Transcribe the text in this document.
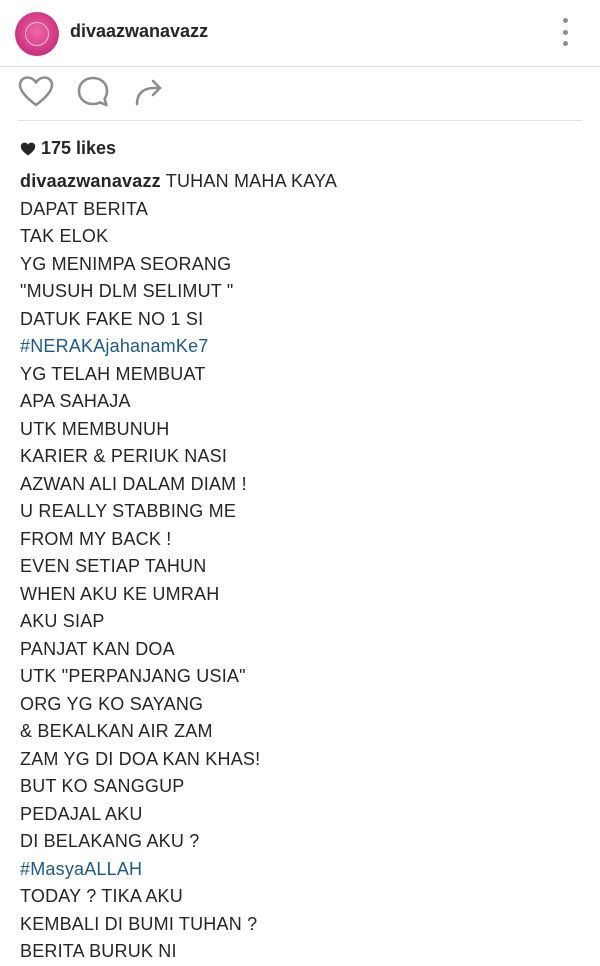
divaazwanavazz
175 likes
divaazwanavazz TUHAN MAHA KAYA
DAPAT BERITA
TAK ELOK
YG MENIMPA SEORANG
"MUSUH DLM SELIMUT "
DATUK FAKE NO 1 SI
#NERAKAjahanamKe7
YG TELAH MEMBUAT
APA SAHAJA
UTK MEMBUNUH
KARIER & PERIUK NASI
AZWAN ALI DALAM DIAM !
U REALLY STABBING ME
FROM MY BACK !
EVEN SETIAP TAHUN
WHEN AKU KE UMRAH
AKU SIAP
PANJAT KAN DOA
UTK "PERPANJANG USIA"
ORG YG KO SAYANG
& BEKALKAN AIR ZAM
ZAM YG DI DOA KAN KHAS!
BUT KO SANGGUP
PEDAJAL AKU
DI BELAKANG AKU ?
#MasyaALLAH
TODAY ? TIKA AKU
KEMBALI DI BUMI TUHAN ?
BERITA BURUK NI
